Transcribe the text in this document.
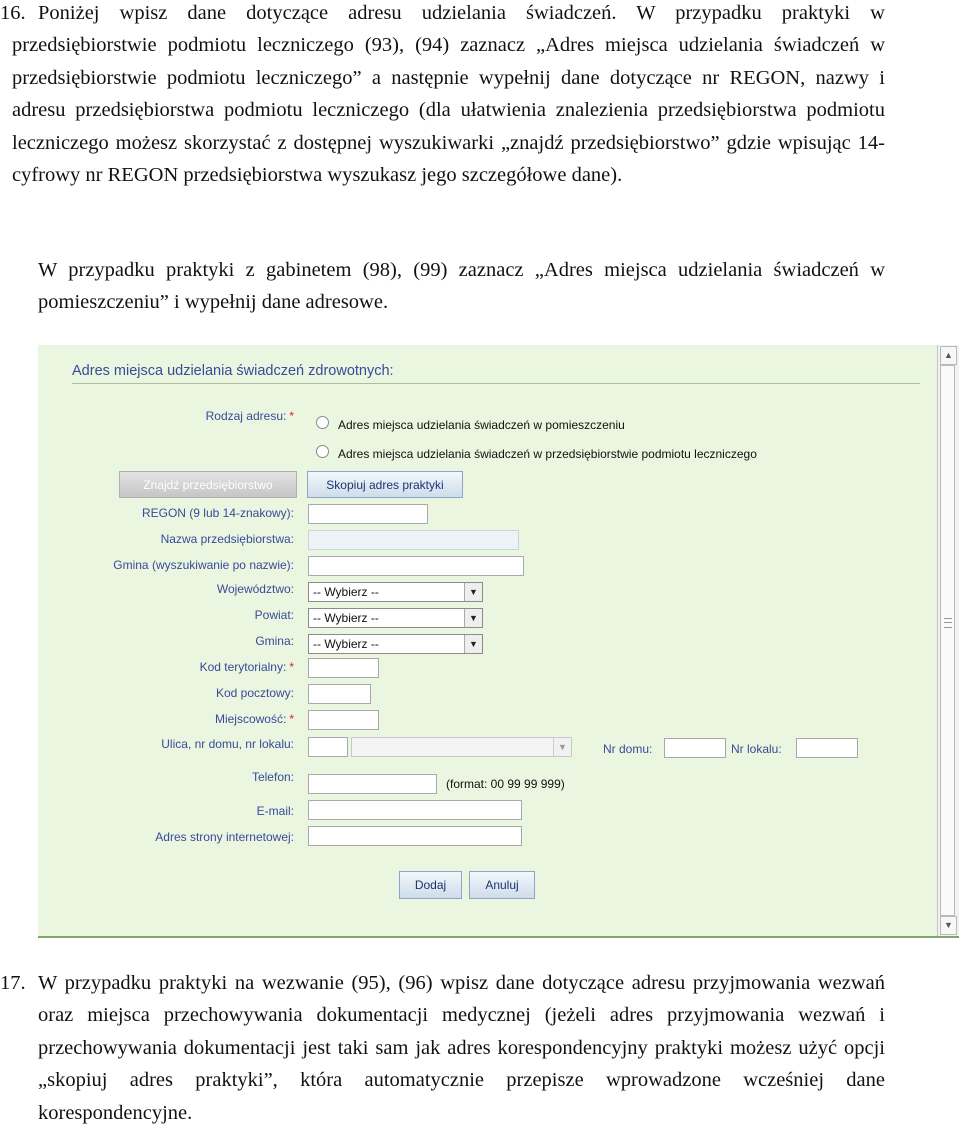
16. Poniżej wpisz dane dotyczące adresu udzielania świadczeń. W przypadku praktyki w przedsiębiorstwie podmiotu leczniczego (93), (94) zaznacz „Adres miejsca udzielania świadczeń w przedsiębiorstwie podmiotu leczniczego” a następnie wypełnij dane dotyczące nr REGON, nazwy i adresu przedsiębiorstwa podmiotu leczniczego (dla ułatwienia znalezienia przedsiębiorstwa podmiotu leczniczego możesz skorzystać z dostępnej wyszukiwarki „znajdź przedsiębiorstwo” gdzie wpisując 14-cyfrowy nr REGON przedsiębiorstwa wyszukasz jego szczegółowe dane).
W przypadku praktyki z gabinetem (98), (99) zaznacz „Adres miejsca udzielania świadczeń w pomieszczeniu” i wypełnij dane adresowe.
Adres miejsca udzielania świadczeń zdrowotnych:
Rodzaj adresu: *
Adres miejsca udzielania świadczeń w pomieszczeniu
Adres miejsca udzielania świadczeń w przedsiębiorstwie podmiotu leczniczego
Znajdź przedsiębiorstwo	Skopiuj adres praktyki
REGON (9 lub 14-znakowy):
Nazwa przedsiębiorstwa:
Gmina (wyszukiwanie po nazwie):
Województwo:	-- Wybierz --	▼
Powiat:	-- Wybierz --	▼
Gmina:	-- Wybierz --	▼
Kod terytorialny: *
Kod pocztowy:
Miejscowość: *
Ulica, nr domu, nr lokalu:	▼	Nr domu:	Nr lokalu:
Telefon:	(format: 00 99 99 999)
E-mail:
Adres strony internetowej:
Dodaj	Anuluj
▲
▼
17. W przypadku praktyki na wezwanie (95), (96) wpisz dane dotyczące adresu przyjmowania wezwań oraz miejsca przechowywania dokumentacji medycznej (jeżeli adres przyjmowania wezwań i przechowywania dokumentacji jest taki sam jak adres korespondencyjny praktyki możesz użyć opcji „skopiuj adres praktyki”, która automatycznie przepisze wprowadzone wcześniej dane korespondencyjne.
